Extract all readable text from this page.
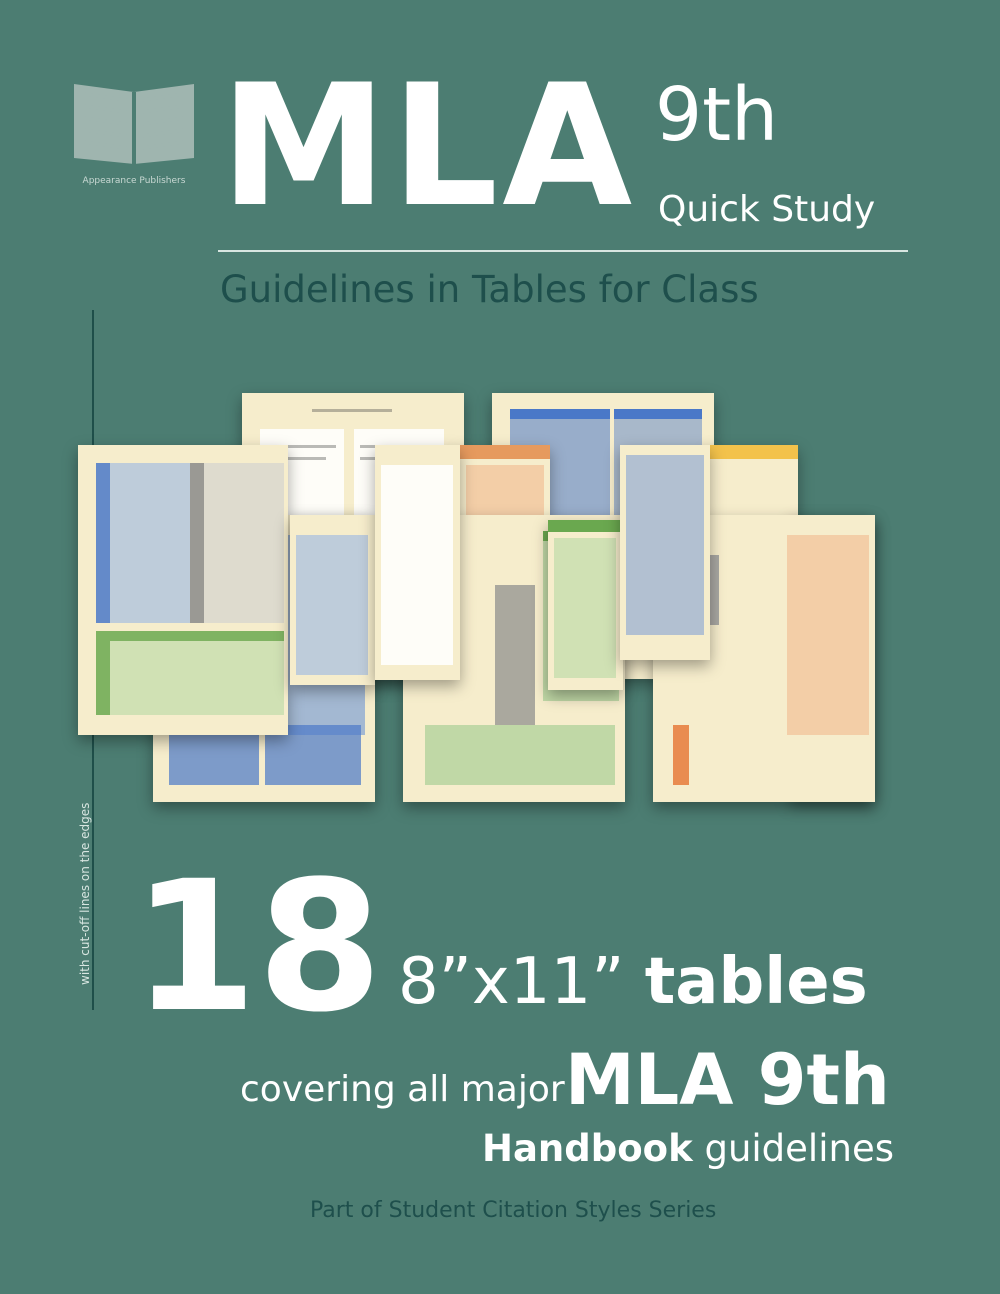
Appearance Publishers MLA 9th
Quick Study
Guidelines in Tables for Class
with cut-off lines on the edges 18 8”x11” tables
covering all major MLA 9th
Handbook guidelines
Part of Student Citation Styles Series
